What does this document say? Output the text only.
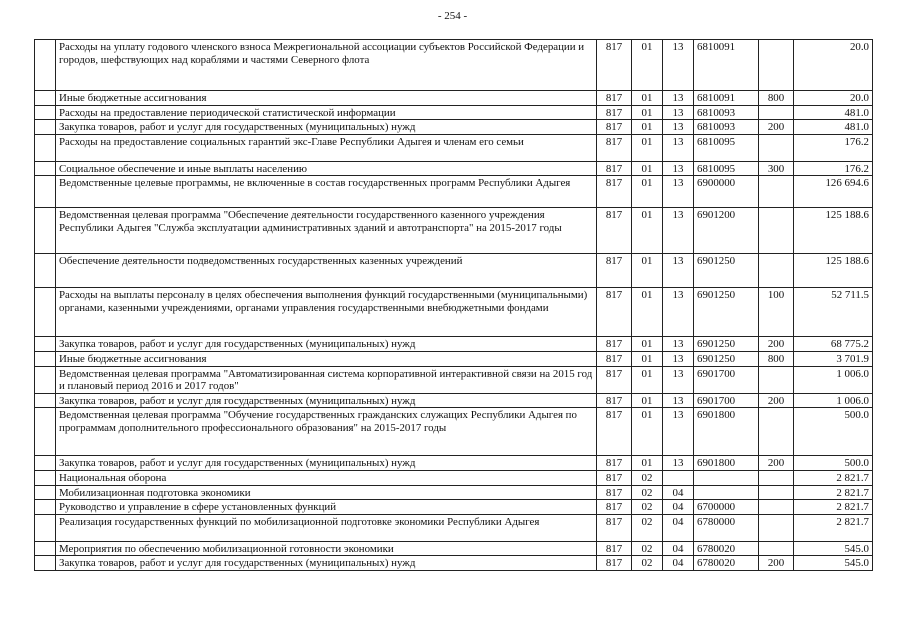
- 254 -
	Расходы на уплату годового членского взноса Межрегиональной ассоциации субъектов Российской Федерации и городов, шефствующих над кораблями и частями Северного флота	817	01	13	6810091		20.0
	Иные бюджетные ассигнования	817	01	13	6810091	800	20.0
	Расходы на предоставление периодической статистической информации	817	01	13	6810093		481.0
	Закупка товаров, работ и услуг для государственных (муниципальных) нужд	817	01	13	6810093	200	481.0
	Расходы на предоставление социальных гарантий экс-Главе Республики Адыгея и членам его семьи	817	01	13	6810095		176.2
	Социальное обеспечение и иные выплаты населению	817	01	13	6810095	300	176.2
	Ведомственные целевые программы, не включенные в состав государственных программ Республики Адыгея	817	01	13	6900000		126 694.6
	Ведомственная целевая программа "Обеспечение деятельности государственного казенного учреждения Республики Адыгея "Служба эксплуатации административных зданий и автотранспорта" на 2015-2017 годы	817	01	13	6901200		125 188.6
	Обеспечение деятельности подведомственных государственных казенных учреждений	817	01	13	6901250		125 188.6
	Расходы на выплаты персоналу в целях обеспечения выполнения функций государственными (муниципальными) органами, казенными учреждениями, органами управления государственными внебюджетными фондами	817	01	13	6901250	100	52 711.5
	Закупка товаров, работ и услуг для государственных (муниципальных) нужд	817	01	13	6901250	200	68 775.2
	Иные бюджетные ассигнования	817	01	13	6901250	800	3 701.9
	Ведомственная целевая программа "Автоматизированная система корпоративной интерактивной связи на 2015 год и плановый период 2016 и 2017 годов"	817	01	13	6901700		1 006.0
	Закупка товаров, работ и услуг для государственных (муниципальных) нужд	817	01	13	6901700	200	1 006.0
	Ведомственная целевая программа "Обучение государственных гражданских служащих Республики Адыгея по программам дополнительного профессионального образования" на 2015-2017 годы	817	01	13	6901800		500.0
	Закупка товаров, работ и услуг для государственных (муниципальных) нужд	817	01	13	6901800	200	500.0
	Национальная оборона	817	02				2 821.7
	Мобилизационная подготовка экономики	817	02	04			2 821.7
	Руководство и управление в сфере установленных функций	817	02	04	6700000		2 821.7
	Реализация государственных функций по мобилизационной подготовке экономики Республики Адыгея	817	02	04	6780000		2 821.7
	Мероприятия по обеспечению мобилизационной готовности экономики	817	02	04	6780020		545.0
	Закупка товаров, работ и услуг для государственных (муниципальных) нужд	817	02	04	6780020	200	545.0
